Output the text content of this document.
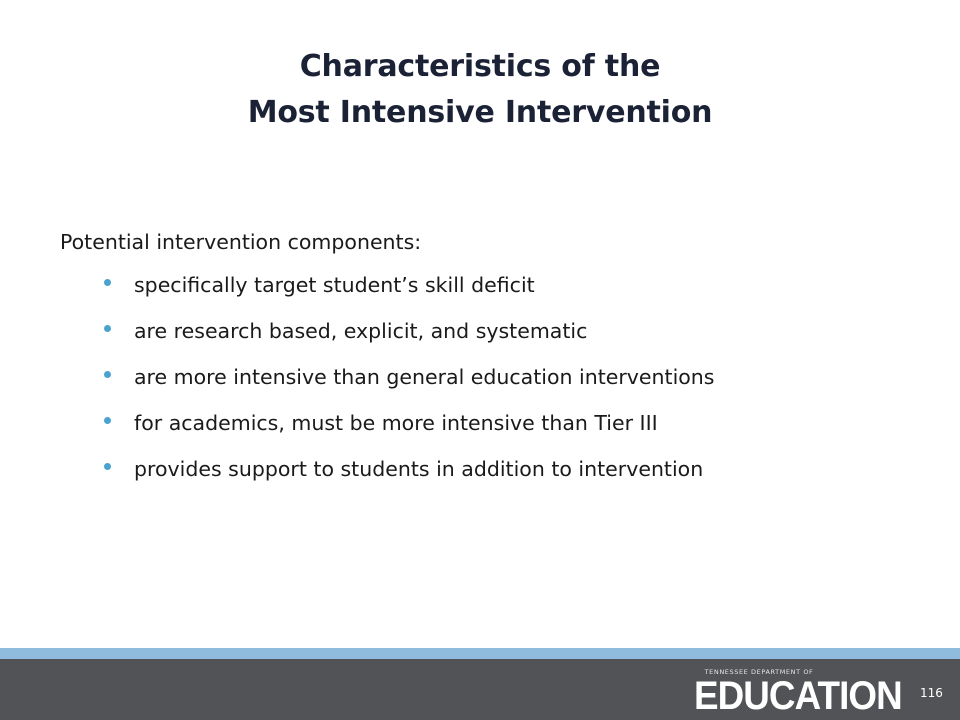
Characteristics of the
Most Intensive Intervention

Potential intervention components:

specifically target student’s skill deficit
are research based, explicit, and systematic
are more intensive than general education interventions
for academics, must be more intensive than Tier III
provides support to students in addition to intervention
TENNESSEE DEPARTMENT OF
EDUCATION 116
